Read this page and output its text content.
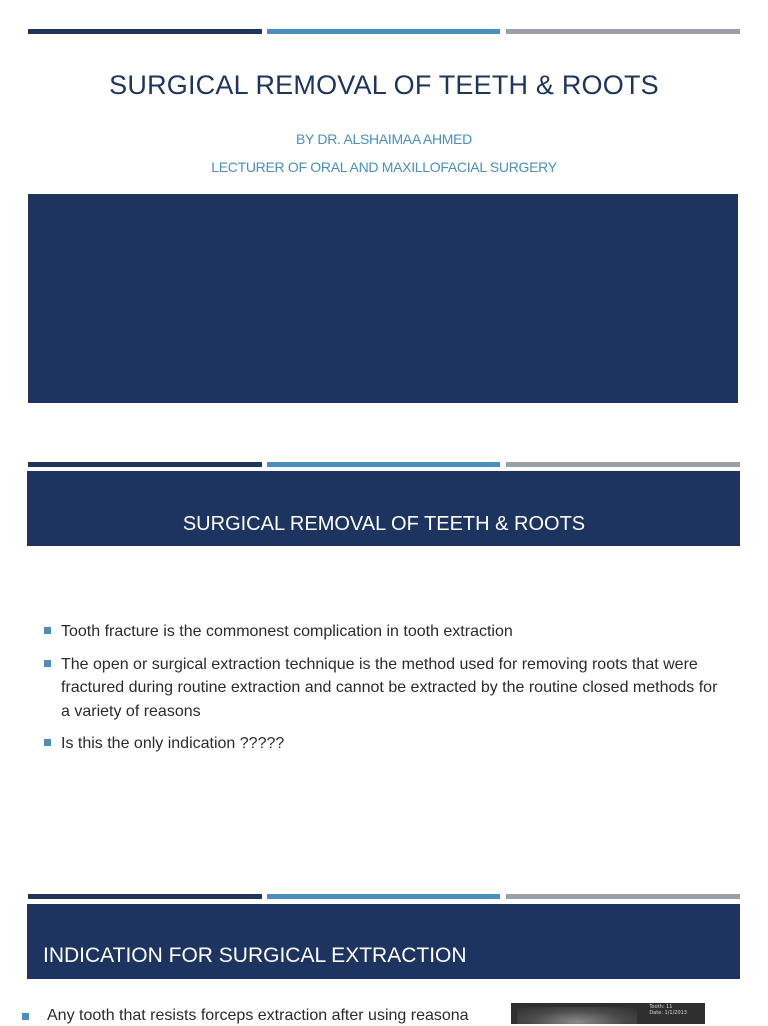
SURGICAL REMOVAL OF TEETH & ROOTS
BY DR. ALSHAIMAA AHMED
LECTURER OF ORAL AND MAXILLOFACIAL SURGERY
SURGICAL REMOVAL OF TEETH & ROOTS
Tooth fracture is the commonest complication in tooth extraction
The open or surgical extraction technique is the method used for removing roots that were fractured during routine extraction and cannot be extracted by the routine closed methods for a variety of reasons
Is this the only indication ?????
INDICATION FOR SURGICAL EXTRACTION
Any tooth that resists forceps extraction after using reasona	Tooth: 11
Date: 1/1/2013
